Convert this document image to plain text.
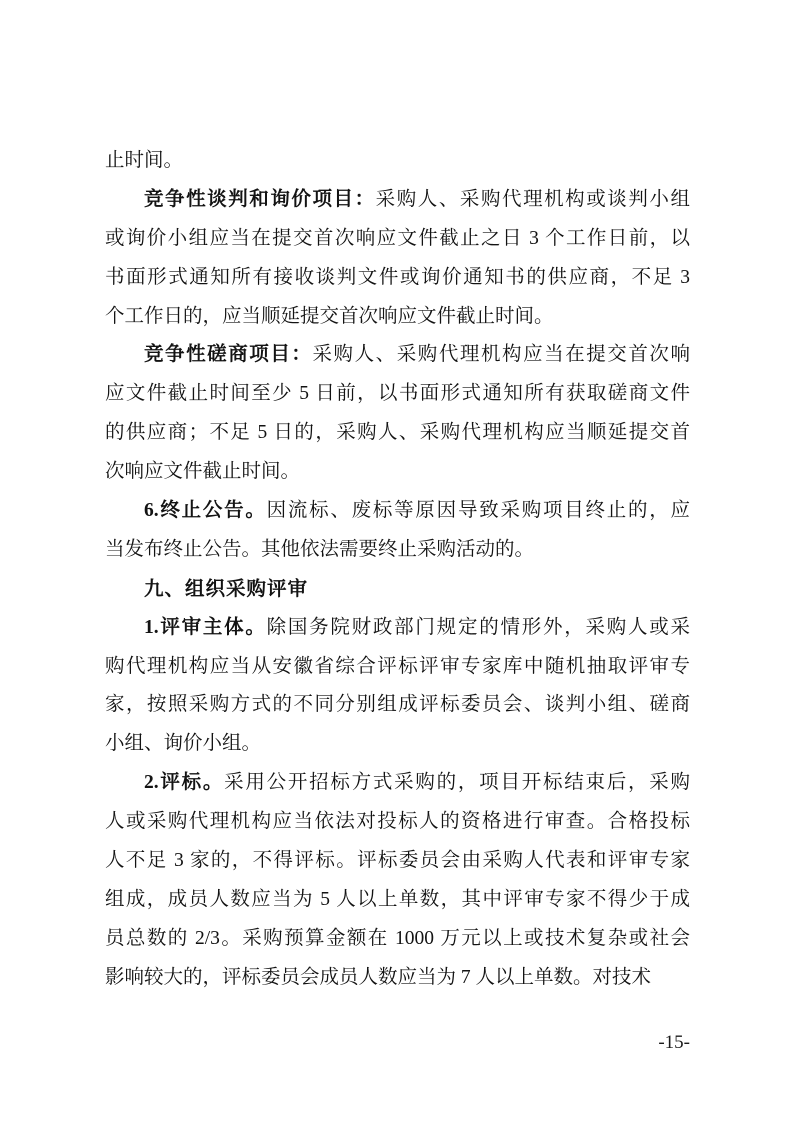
止时间。
竞争性谈判和询价项目：采购人、采购代理机构或谈判小组
或询价小组应当在提交首次响应文件截止之日 3 个工作日前，以
书面形式通知所有接收谈判文件或询价通知书的供应商，不足 3
个工作日的，应当顺延提交首次响应文件截止时间。
竞争性磋商项目：采购人、采购代理机构应当在提交首次响
应文件截止时间至少 5 日前，以书面形式通知所有获取磋商文件
的供应商；不足 5 日的，采购人、采购代理机构应当顺延提交首
次响应文件截止时间。
6.终止公告。因流标、废标等原因导致采购项目终止的，应
当发布终止公告。其他依法需要终止采购活动的。
九、组织采购评审
1.评审主体。除国务院财政部门规定的情形外，采购人或采
购代理机构应当从安徽省综合评标评审专家库中随机抽取评审专
家，按照采购方式的不同分别组成评标委员会、谈判小组、磋商
小组、询价小组。
2.评标。采用公开招标方式采购的，项目开标结束后，采购
人或采购代理机构应当依法对投标人的资格进行审查。合格投标
人不足 3 家的，不得评标。评标委员会由采购人代表和评审专家
组成，成员人数应当为 5 人以上单数，其中评审专家不得少于成
员总数的 2/3。采购预算金额在 1000 万元以上或技术复杂或社会
影响较大的，评标委员会成员人数应当为 7 人以上单数。对技术
-15-
